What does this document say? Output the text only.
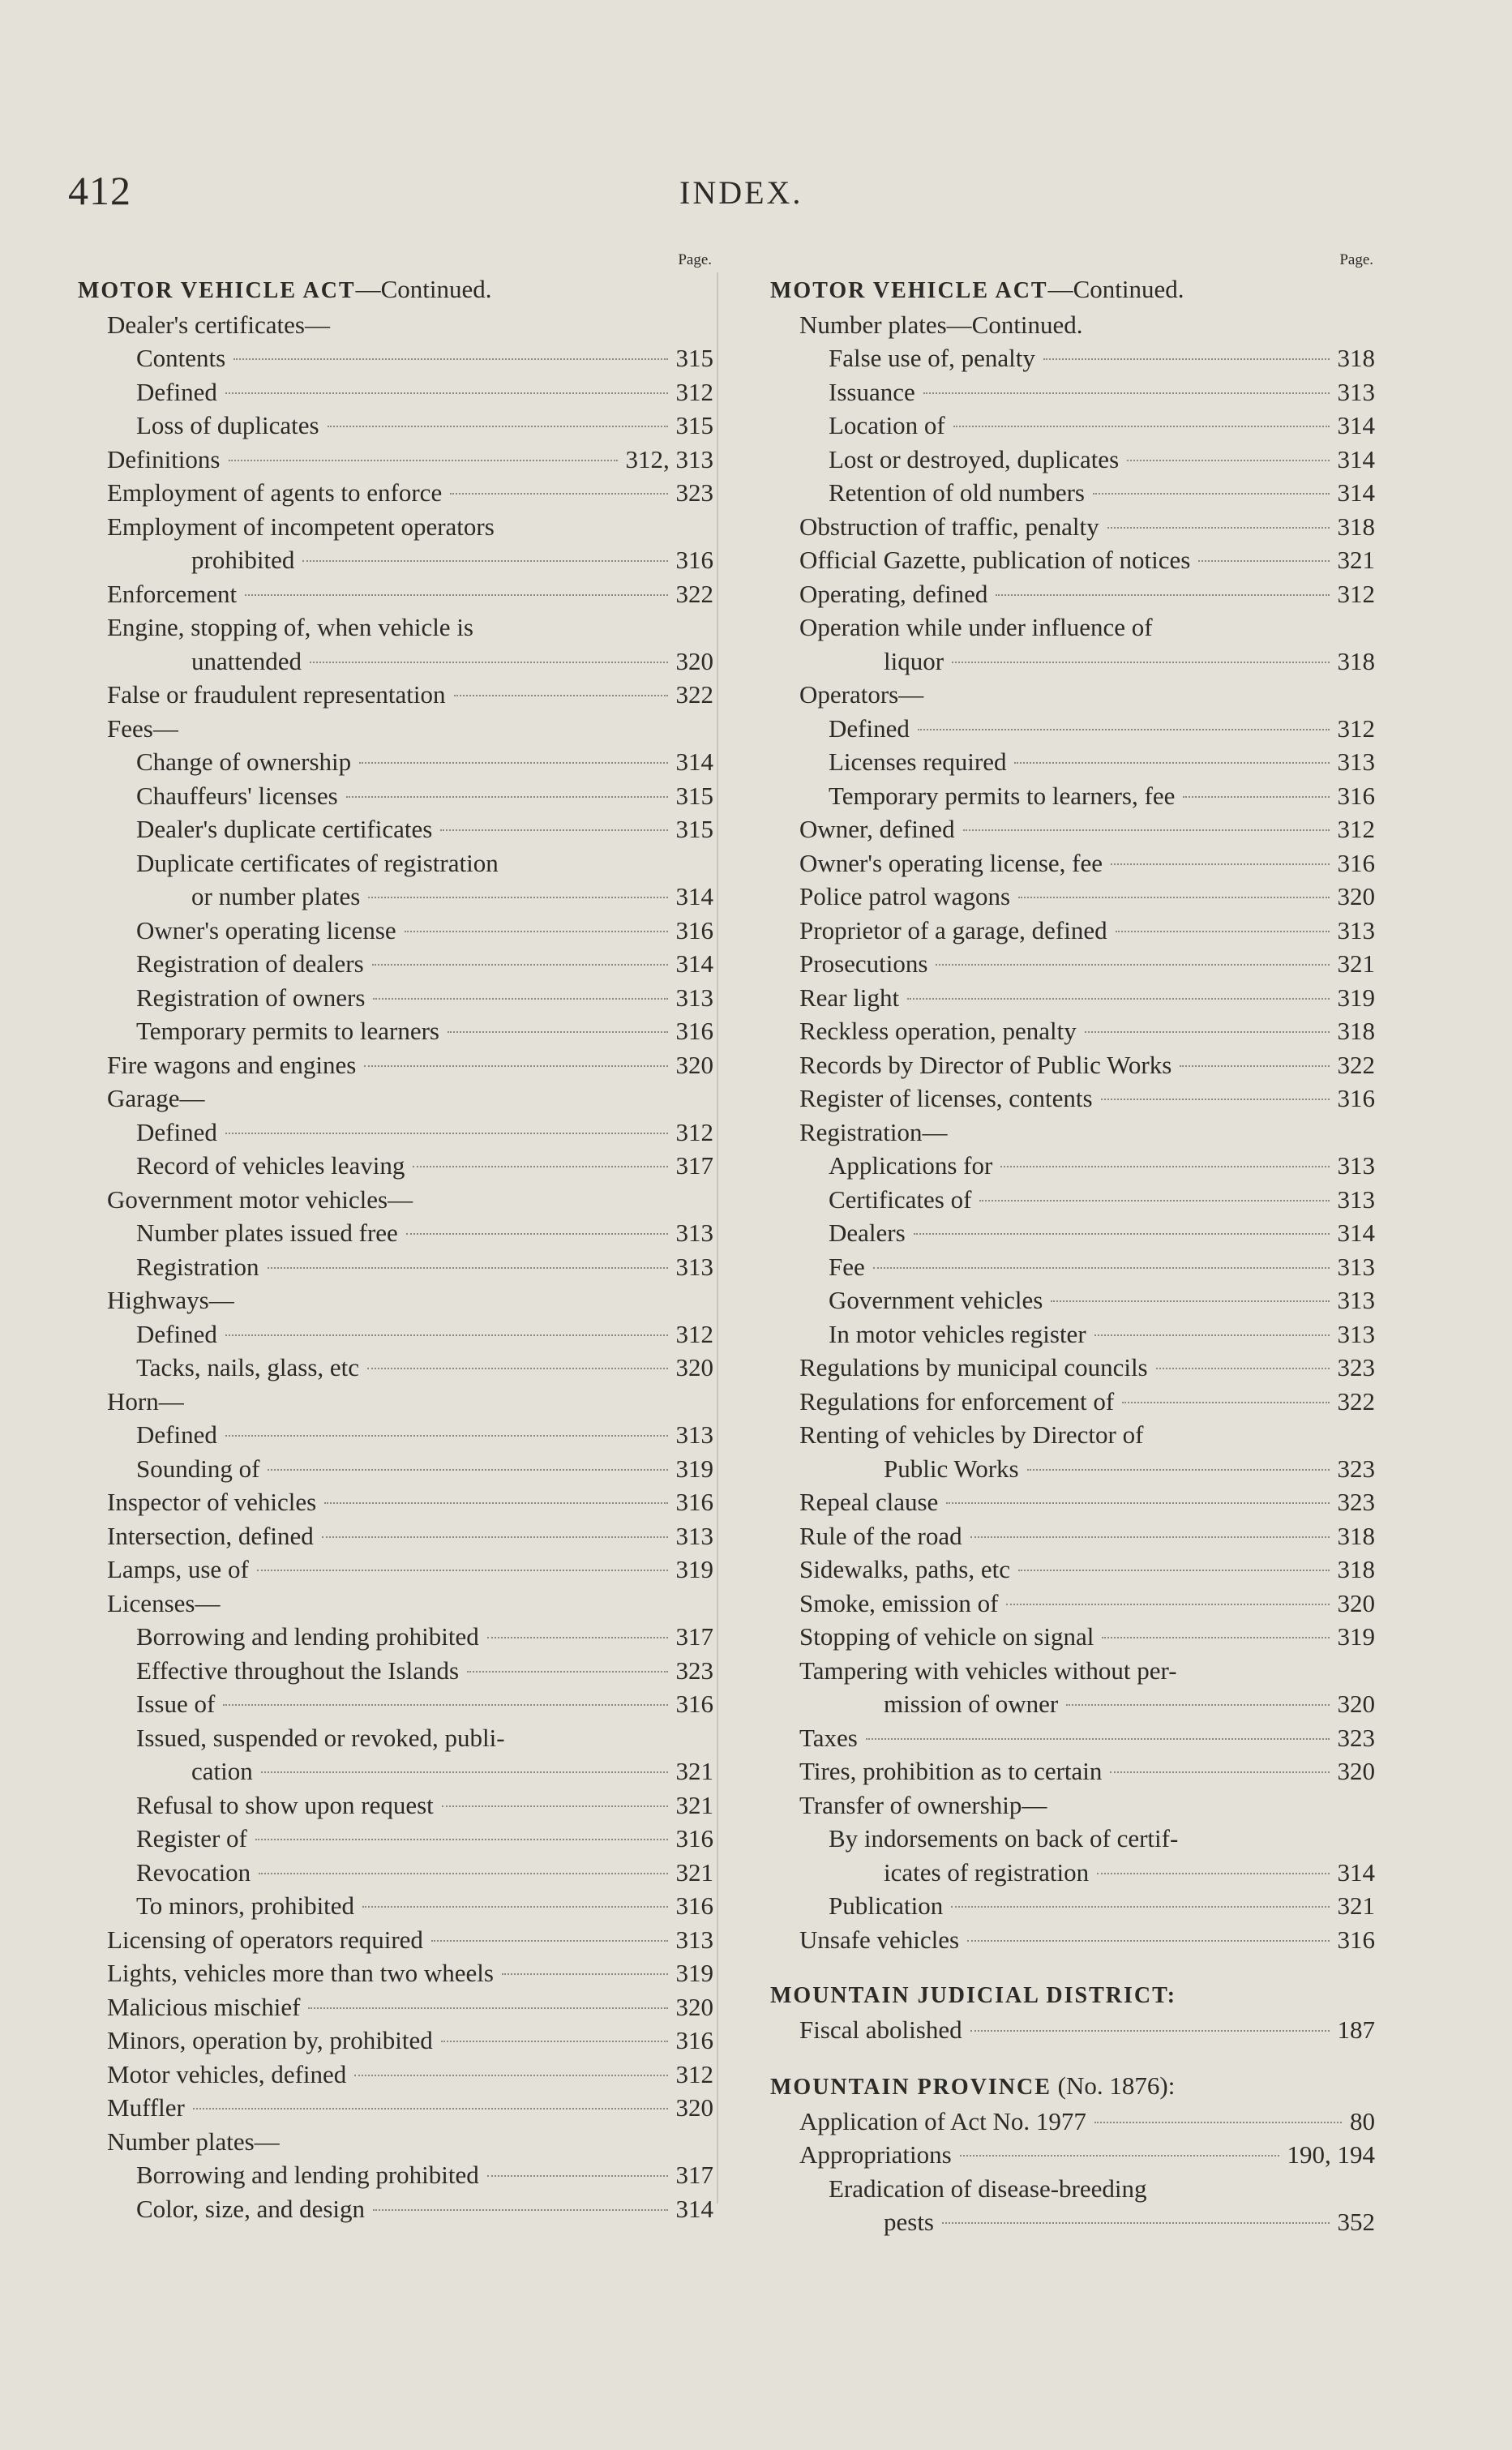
412	INDEX.
Page.
MOTOR VEHICLE ACT—Continued.
Dealer's certificates—
Contents	315
Defined	312
Loss of duplicates	315
Definitions	312, 313
Employment of agents to enforce	323
Employment of incompetent operators
prohibited	316
Enforcement	322
Engine, stopping of, when vehicle is
unattended	320
False or fraudulent representation	322
Fees—
Change of ownership	314
Chauffeurs' licenses	315
Dealer's duplicate certificates	315
Duplicate certificates of registration
or number plates	314
Owner's operating license	316
Registration of dealers	314
Registration of owners	313
Temporary permits to learners	316
Fire wagons and engines	320
Garage—
Defined	312
Record of vehicles leaving	317
Government motor vehicles—
Number plates issued free	313
Registration	313
Highways—
Defined	312
Tacks, nails, glass, etc	320
Horn—
Defined	313
Sounding of	319
Inspector of vehicles	316
Intersection, defined	313
Lamps, use of	319
Licenses—
Borrowing and lending prohibited	317
Effective throughout the Islands	323
Issue of	316
Issued, suspended or revoked, publi-
cation	321
Refusal to show upon request	321
Register of	316
Revocation	321
To minors, prohibited	316
Licensing of operators required	313
Lights, vehicles more than two wheels	319
Malicious mischief	320
Minors, operation by, prohibited	316
Motor vehicles, defined	312
Muffler	320
Number plates—
Borrowing and lending prohibited	317
Color, size, and design	314
Page.
MOTOR VEHICLE ACT—Continued.
Number plates—Continued.
False use of, penalty	318
Issuance	313
Location of	314
Lost or destroyed, duplicates	314
Retention of old numbers	314
Obstruction of traffic, penalty	318
Official Gazette, publication of notices	321
Operating, defined	312
Operation while under influence of
liquor	318
Operators—
Defined	312
Licenses required	313
Temporary permits to learners, fee	316
Owner, defined	312
Owner's operating license, fee	316
Police patrol wagons	320
Proprietor of a garage, defined	313
Prosecutions	321
Rear light	319
Reckless operation, penalty	318
Records by Director of Public Works	322
Register of licenses, contents	316
Registration—
Applications for	313
Certificates of	313
Dealers	314
Fee	313
Government vehicles	313
In motor vehicles register	313
Regulations by municipal councils	323
Regulations for enforcement of	322
Renting of vehicles by Director of
Public Works	323
Repeal clause	323
Rule of the road	318
Sidewalks, paths, etc	318
Smoke, emission of	320
Stopping of vehicle on signal	319
Tampering with vehicles without per-
mission of owner	320
Taxes	323
Tires, prohibition as to certain	320
Transfer of ownership—
By indorsements on back of certif-
icates of registration	314
Publication	321
Unsafe vehicles	316
MOUNTAIN JUDICIAL DISTRICT:
Fiscal abolished	187
MOUNTAIN PROVINCE (No. 1876):
Application of Act No. 1977	80
Appropriations	190, 194
Eradication of disease-breeding
pests	352
